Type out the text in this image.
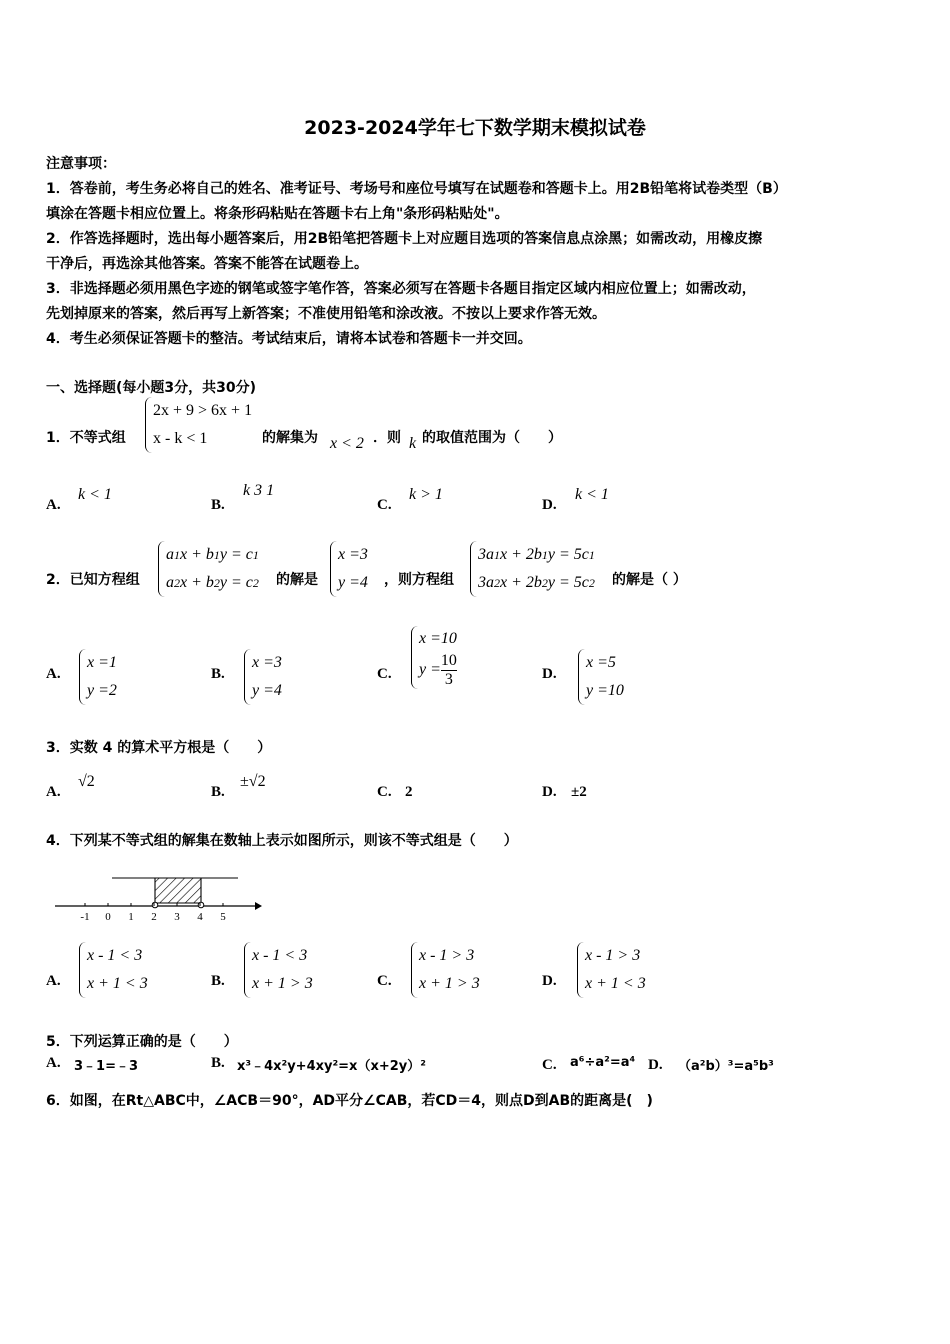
2023-2024学年七下数学期末模拟试卷
注意事项：
1．答卷前，考生务必将自己的姓名、准考证号、考场号和座位号填写在试题卷和答题卡上。用2B铅笔将试卷类型（B）
填涂在答题卡相应位置上。将条形码粘贴在答题卡右上角"条形码粘贴处"。
2．作答选择题时，选出每小题答案后，用2B铅笔把答题卡上对应题目选项的答案信息点涂黑；如需改动，用橡皮擦
干净后，再选涂其他答案。答案不能答在试题卷上。
3．非选择题必须用黑色字迹的钢笔或签字笔作答，答案必须写在答题卡各题目指定区域内相应位置上；如需改动，
先划掉原来的答案，然后再写上新答案；不准使用铅笔和涂改液。不按以上要求作答无效。
4．考生必须保证答题卡的整洁。考试结束后，请将本试卷和答题卡一并交回。
一、选择题(每小题3分，共30分)
1．不等式组
2x + 9 > 6x + 1
x - k < 1	的解集为 x < 2 ．则 k 的取值范围为（　　）
A.
k < 1
B.
k 3 1
C.
k > 1
D.
k < 1
2．已知方程组
a1x + b1y = c1
a2x + b2y = c2 的解是
x =3
y =4 ，则方程组
3a1x + 2b1y = 5c1
3a2x + 2b2y = 5c2 的解是（ ）
A.
x =1
y =2
B.
x =3
y =4
C.
x =10
$y = \frac{10}{3}$	D.
x =5
y =10
3．实数 4 的算术平方根是（　　）
A.
√2
B.
±√2
C. 2	D. ±2
4．下列某不等式组的解集在数轴上表示如图所示，则该不等式组是（　　）
-1 0 1 2 3 4 5
A.
x - 1 < 3
x + 1 < 3	B.
x - 1 < 3
x + 1 > 3	C.
x - 1 > 3
x + 1 > 3	D.
x - 1 > 3
x + 1 < 3
5．下列运算正确的是（　　）
A. 3﹣1=﹣3	B. x³﹣4x²y+4xy²=x（x+2y）²	C. a⁶÷a²=a⁴ D. （a²b）³=a⁵b³
6．如图，在Rt△ABC中，∠ACB＝90°，AD平分∠CAB，若CD＝4，则点D到AB的距离是(　)
